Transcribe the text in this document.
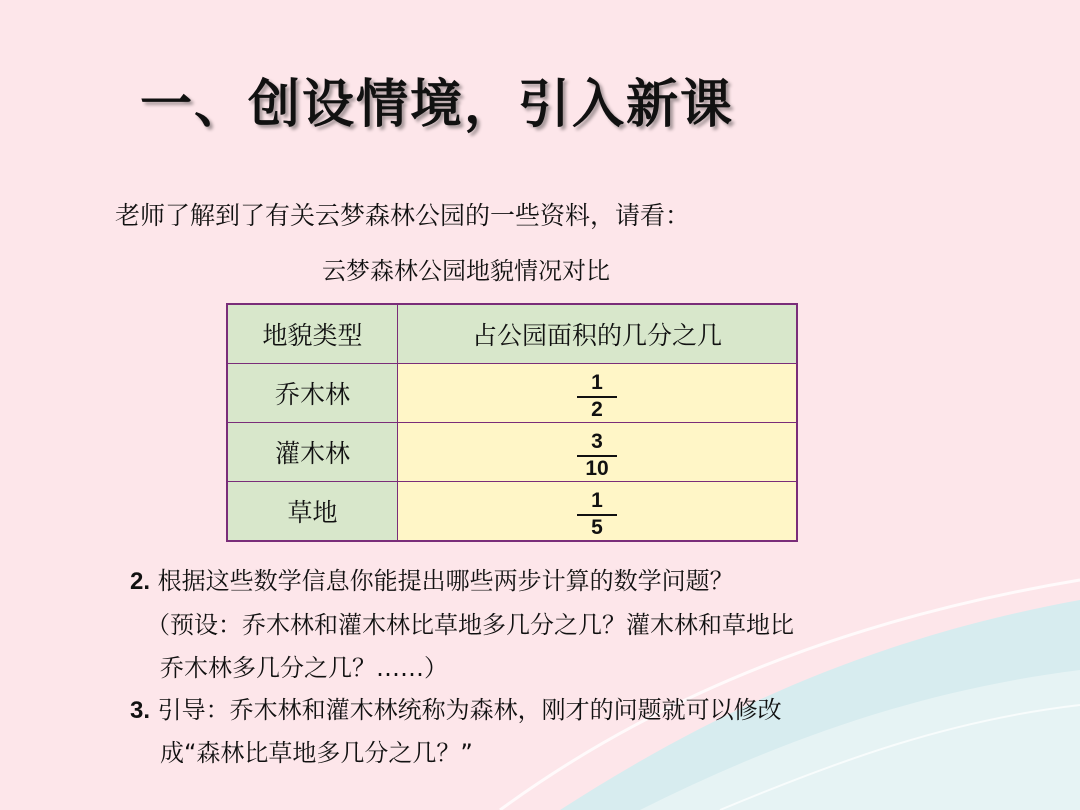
一、创设情境，引入新课
老师了解到了有关云梦森林公园的一些资料，请看：
云梦森林公园地貌情况对比
地貌类型	占公园面积的几分之几
乔木林	$\frac{1}{2}$

灌木林	$\frac{3}{10}$

草地	$\frac{1}{5}$
2. 根据这些数学信息你能提出哪些两步计算的数学问题？
（预设：乔木林和灌木林比草地多几分之几？灌木林和草地比
乔木林多几分之几？……）
3. 引导：乔木林和灌木林统称为森林，刚才的问题就可以修改
成“森林比草地多几分之几？”
